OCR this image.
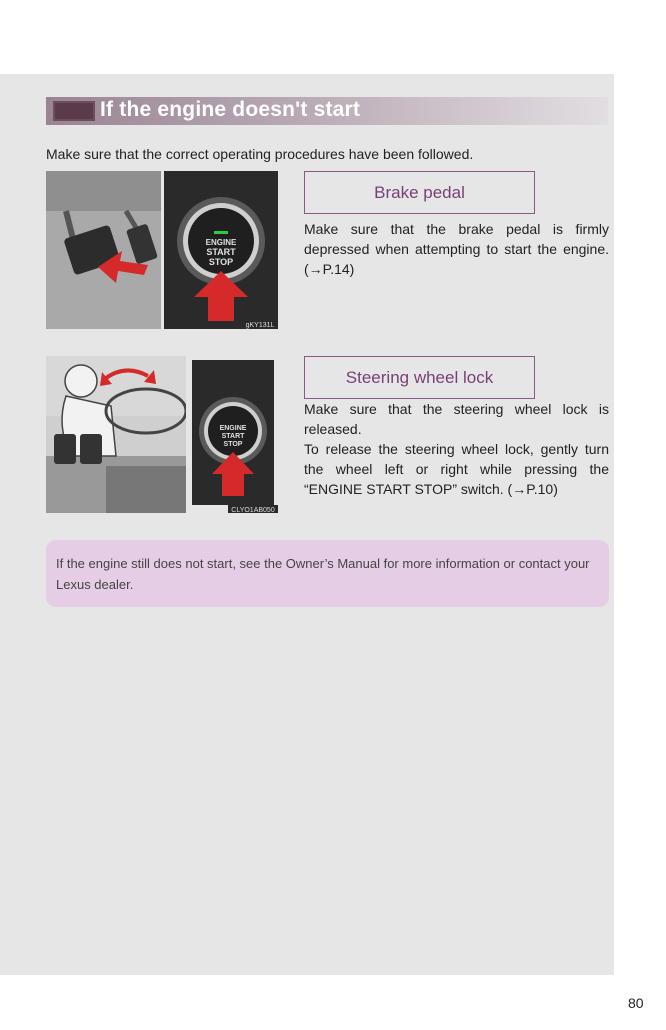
If the engine doesn't start
Make sure that the correct operating procedures have been followed.
ENGINE
START
STOP
gKY131L
Brake pedal
Make sure that the brake pedal is firmly depressed when attempting to start the engine. (→P.14)
ENGINE
START
STOP
CLYO1AB050
Steering wheel lock
Make sure that the steering wheel lock is released.
To release the steering wheel lock, gently turn the wheel left or right while pressing the “ENGINE START STOP” switch. (→P.10)
If the engine still does not start, see the Owner’s Manual for more information or contact your Lexus dealer.
80
